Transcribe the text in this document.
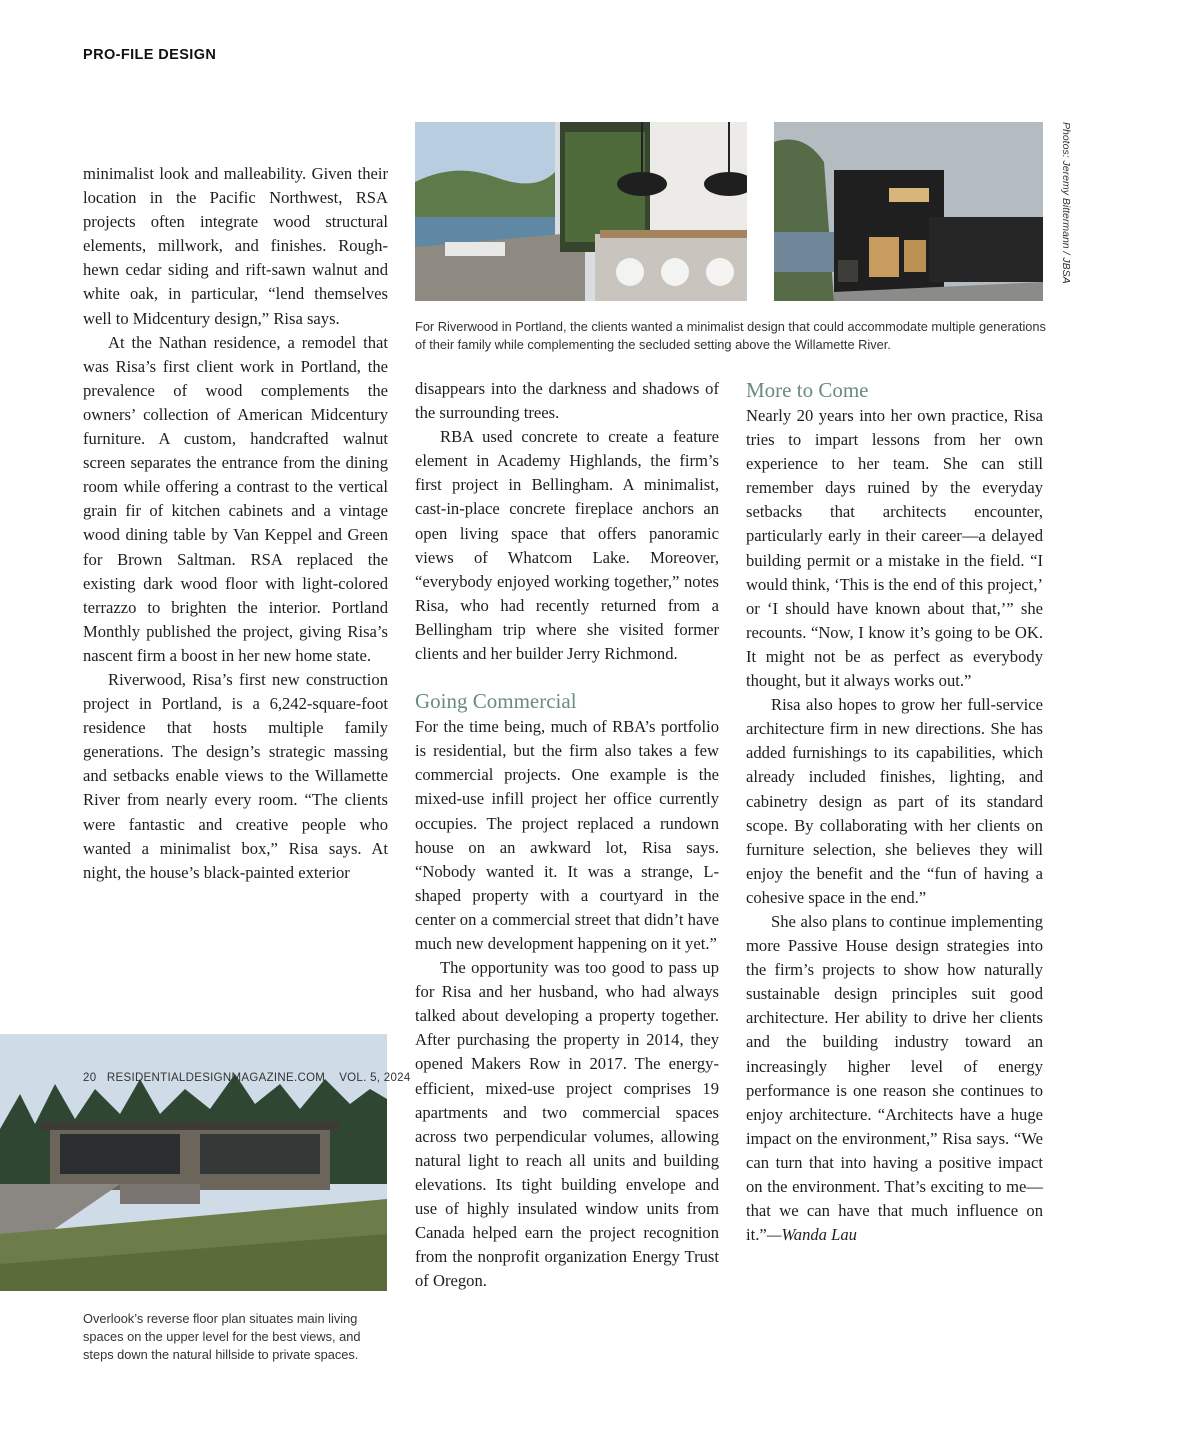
PRO-FILE DESIGN
Photos: Jeremy Bittermann / JBSA

For Riverwood in Portland, the clients wanted a minimalist design that could accommodate multiple generations of their family while complementing the secluded setting above the Willamette River.

minimalist look and malleability. Given their location in the Pacific Northwest, RSA projects often integrate wood structural elements, millwork, and finishes. Rough-hewn cedar siding and rift-sawn walnut and white oak, in particular, “lend themselves well to Midcentury design,” Risa says.

At the Nathan residence, a remodel that was Risa’s first client work in Portland, the prevalence of wood complements the owners’ collection of American Midcentury furniture. A custom, handcrafted walnut screen separates the entrance from the dining room while offering a contrast to the vertical grain fir of kitchen cabinets and a vintage wood dining table by Van Keppel and Green for Brown Saltman. RSA replaced the existing dark wood floor with light-colored terrazzo to brighten the interior. Portland Monthly published the project, giving Risa’s nascent firm a boost in her new home state.

Riverwood, Risa’s first new construction project in Portland, is a 6,242-square-foot residence that hosts multiple family generations. The design’s strategic massing and setbacks enable views to the Willamette River from nearly every room. “The clients were fantastic and creative people who wanted a minimalist box,” Risa says. At night, the house’s black-painted exterior

disappears into the darkness and shadows of the surrounding trees.

RBA used concrete to create a feature element in Academy Highlands, the firm’s first project in Bellingham. A minimalist, cast-in-place concrete fireplace anchors an open living space that offers panoramic views of Whatcom Lake. Moreover, “everybody enjoyed working together,” notes Risa, who had recently returned from a Bellingham trip where she visited former clients and her builder Jerry Richmond.

Going Commercial

For the time being, much of RBA’s portfolio is residential, but the firm also takes a few commercial projects. One example is the mixed-use infill project her office currently occupies. The project replaced a rundown house on an awkward lot, Risa says. “Nobody wanted it. It was a strange, L-shaped property with a courtyard in the center on a commercial street that didn’t have much new development happening on it yet.”

The opportunity was too good to pass up for Risa and her husband, who had always talked about developing a property together. After purchasing the property in 2014, they opened Makers Row in 2017. The energy-efficient, mixed-use project comprises 19 apartments and two commercial spaces across two perpendicular volumes, allowing natural light to reach all units and building elevations. Its tight building envelope and use of highly insulated window units from Canada helped earn the project recognition from the nonprofit organization Energy Trust of Oregon.

More to Come

Nearly 20 years into her own practice, Risa tries to impart lessons from her own experience to her team. She can still remember days ruined by the everyday setbacks that architects encounter, particularly early in their career—a delayed building permit or a mistake in the field. “I would think, ‘This is the end of this project,’ or ‘I should have known about that,’” she recounts. “Now, I know it’s going to be OK. It might not be as perfect as everybody thought, but it always works out.”

Risa also hopes to grow her full-service architecture firm in new directions. She has added furnishings to its capabilities, which already included finishes, lighting, and cabinetry design as part of its standard scope. By collaborating with her clients on furniture selection, she believes they will enjoy the benefit and the “fun of having a cohesive space in the end.”

She also plans to continue implementing more Passive House design strategies into the firm’s projects to show how naturally sustainable design principles suit good architecture. Her ability to drive her clients and the building industry toward an increasingly higher level of energy performance is one reason she continues to enjoy architecture. “Architects have a huge impact on the environment,” Risa says. “We can turn that into having a positive impact on the environment. That’s exciting to me—that we can have that much influence on it.”—Wanda Lau

Overlook’s reverse floor plan situates main living spaces on the upper level for the best views, and steps down the natural hillside to private spaces.

20 RESIDENTIALDESIGNMAGAZINE.COM VOL. 5, 2024
